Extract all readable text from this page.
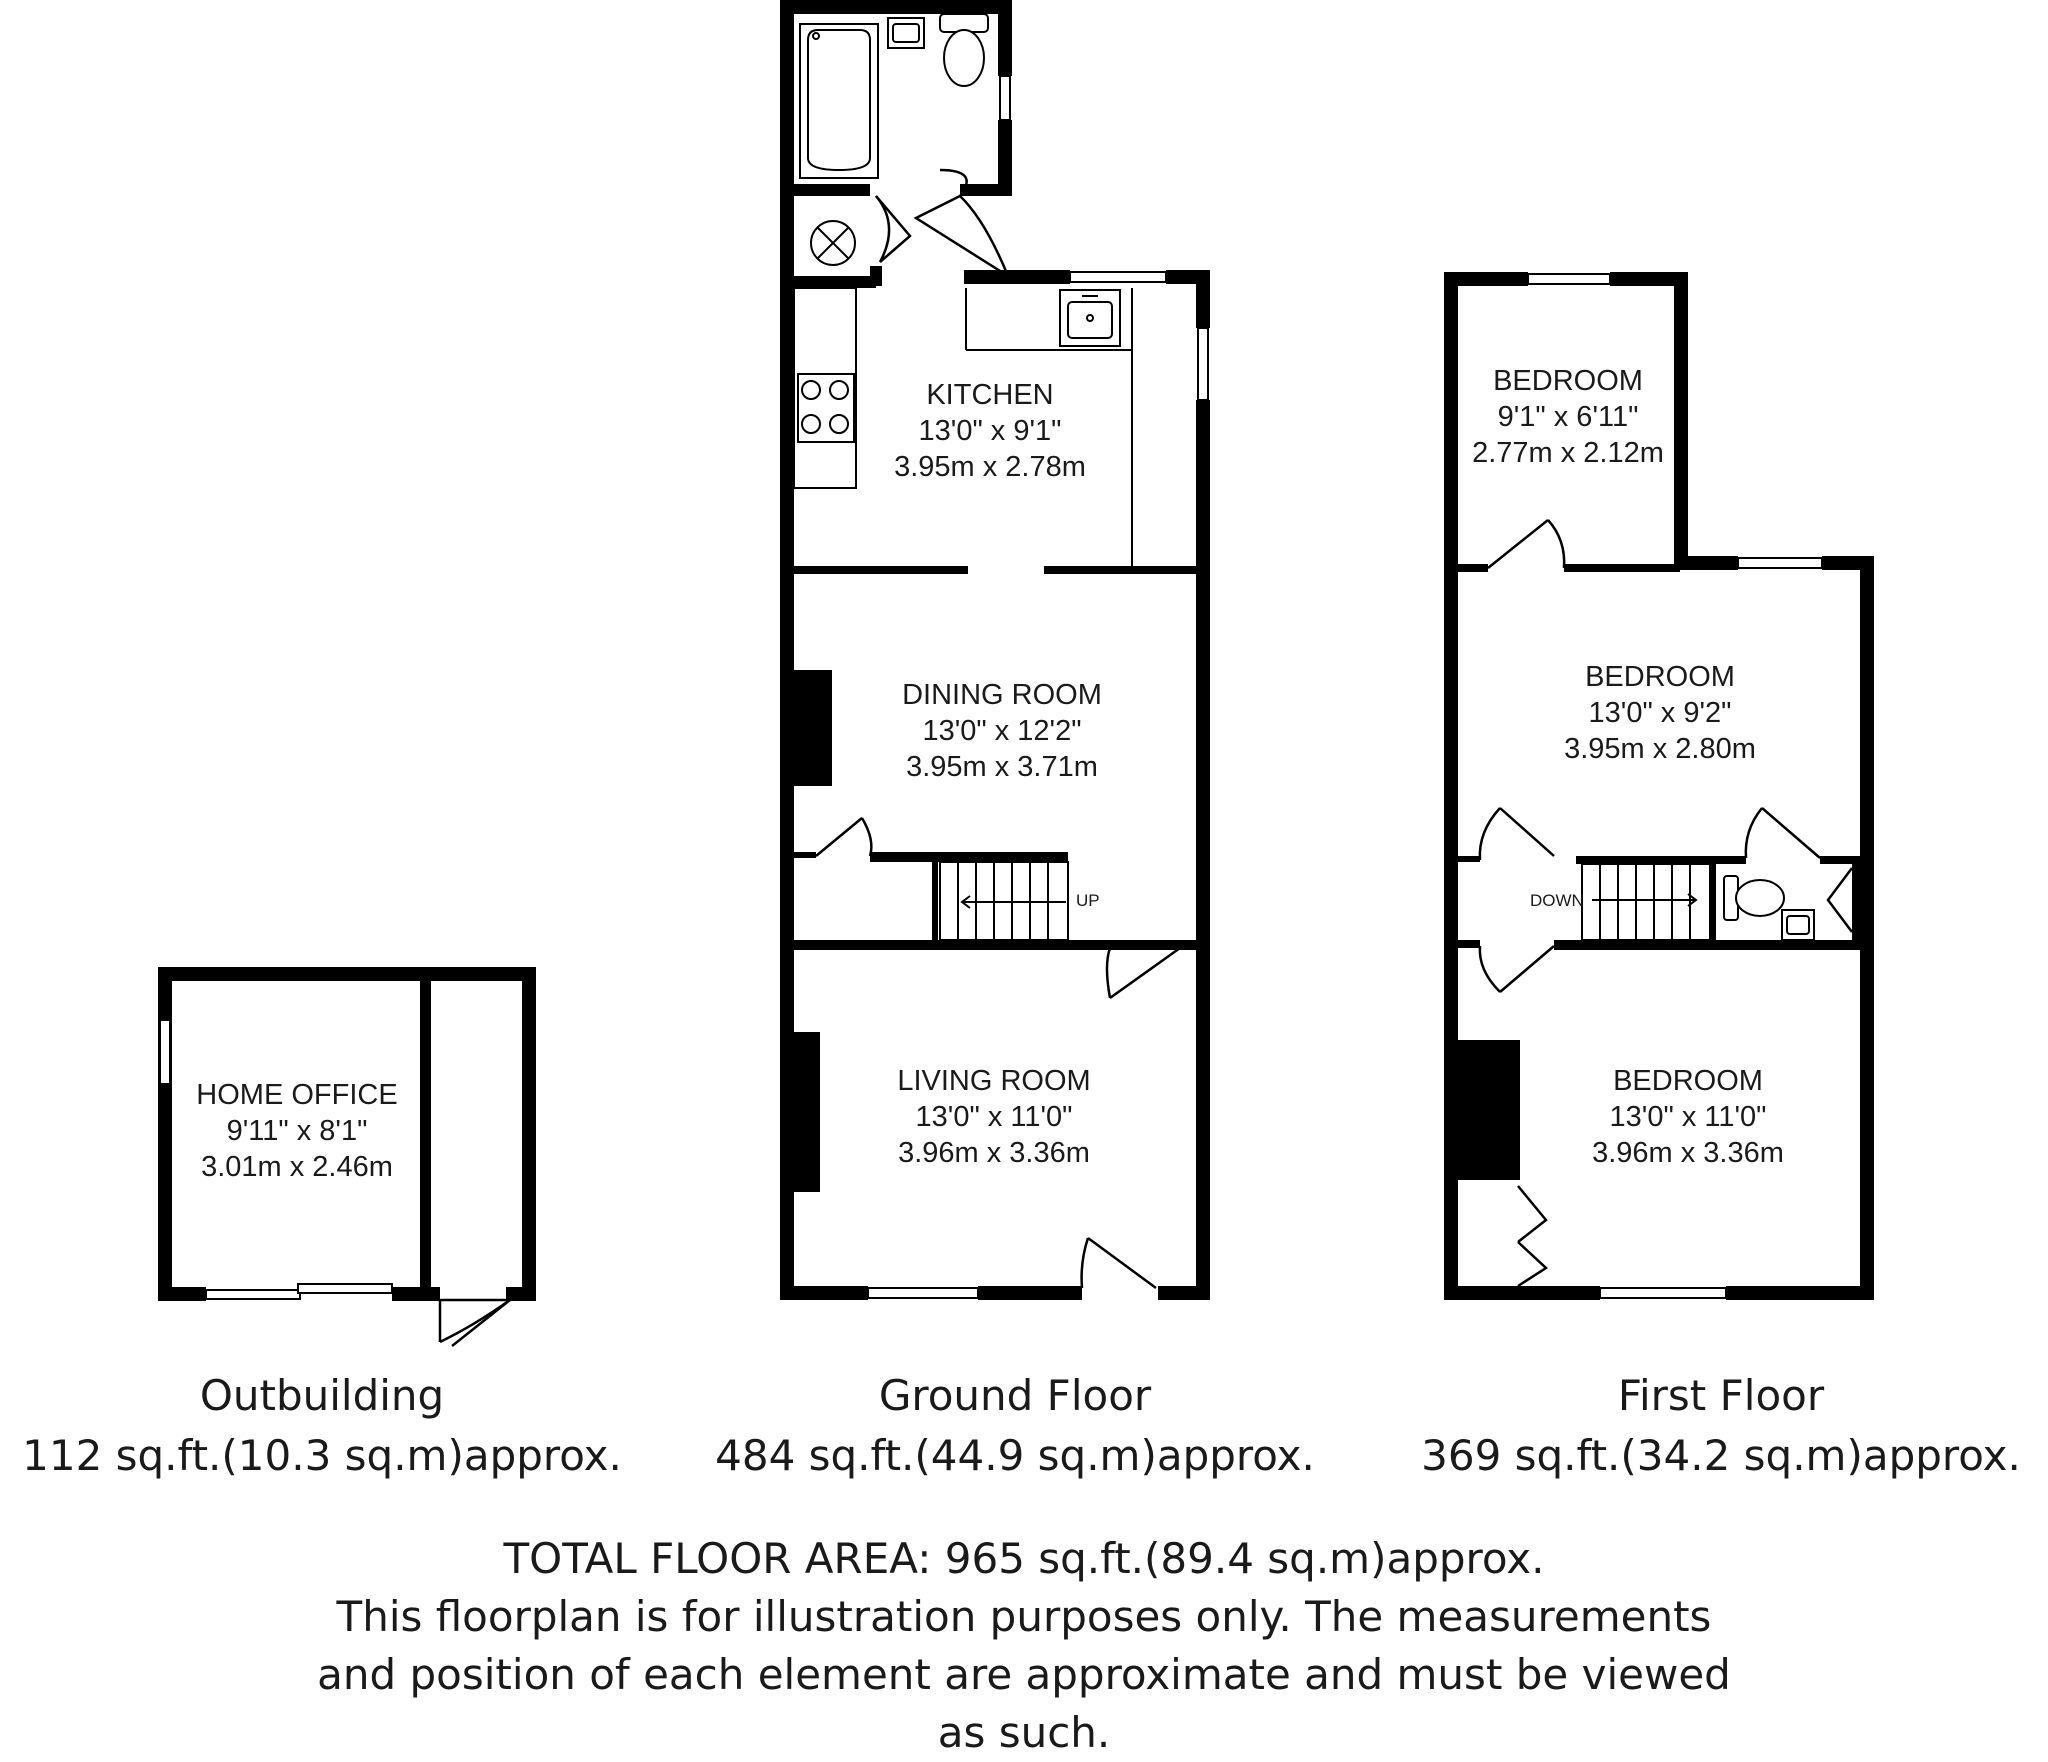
HOME OFFICE
9'11" x 8'1"
3.01m x 2.46m
UP
KITCHEN
13'0" x 9'1"
3.95m x 2.78m
DINING ROOM
13'0" x 12'2"
3.95m x 3.71m
LIVING ROOM
13'0" x 11'0"
3.96m x 3.36m
DOWN
BEDROOM
9'1" x 6'11"
2.77m x 2.12m
BEDROOM
13'0" x 9'2"
3.95m x 2.80m
BEDROOM
13'0" x 11'0"
3.96m x 3.36m
Outbuilding
112 sq.ft.(10.3 sq.m)approx.
Ground Floor
484 sq.ft.(44.9 sq.m)approx.
First Floor
369 sq.ft.(34.2 sq.m)approx.
TOTAL FLOOR AREA: 965 sq.ft.(89.4 sq.m)approx.
This floorplan is for illustration purposes only. The measurements
and position of each element are approximate and must be viewed
as such.
